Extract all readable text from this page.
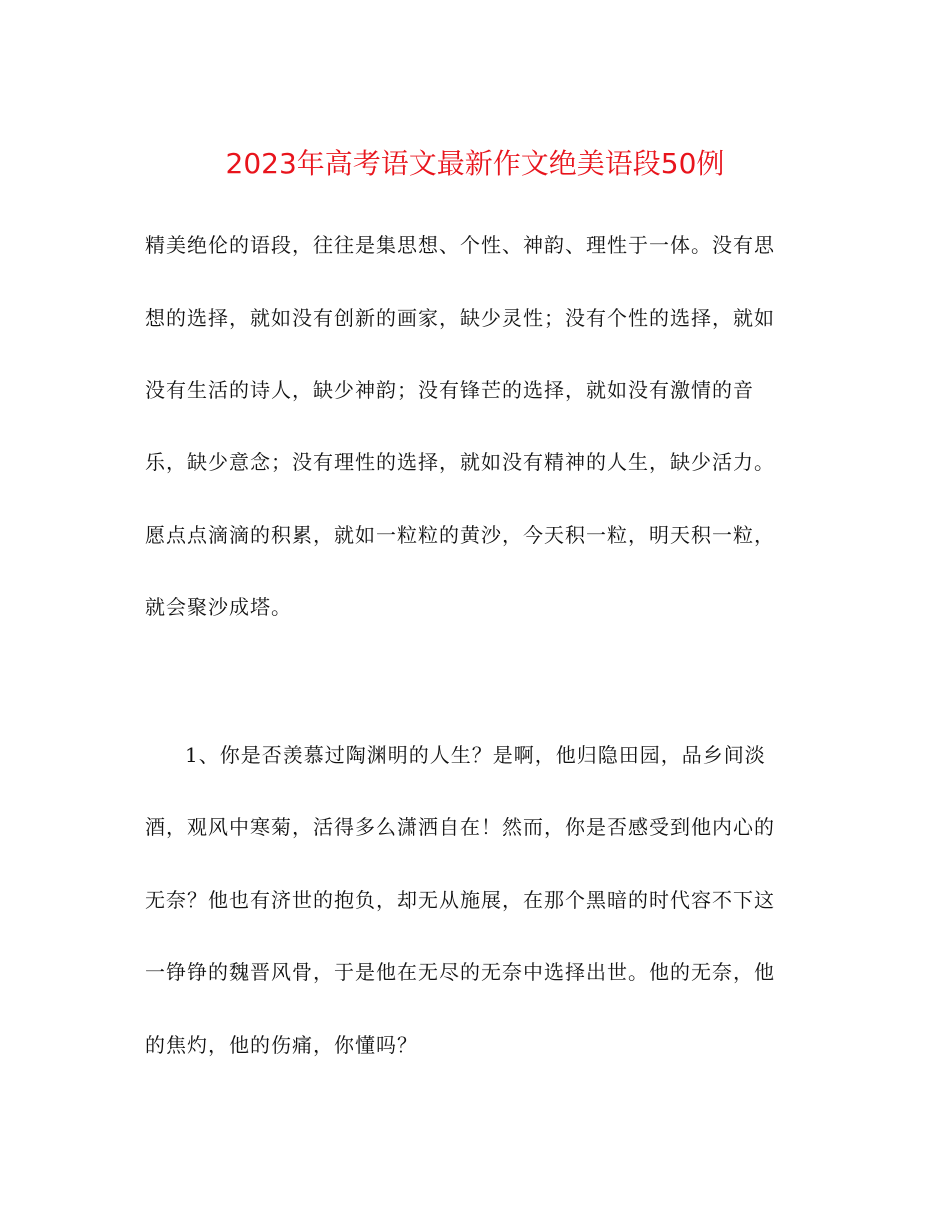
2023年高考语文最新作文绝美语段50例
精美绝伦的语段，往往是集思想、个性、神韵、理性于一体。没有思
想的选择，就如没有创新的画家，缺少灵性；没有个性的选择，就如
没有生活的诗人，缺少神韵；没有锋芒的选择，就如没有激情的音
乐，缺少意念；没有理性的选择，就如没有精神的人生，缺少活力。
愿点点滴滴的积累，就如一粒粒的黄沙，今天积一粒，明天积一粒，
就会聚沙成塔。
1、你是否羡慕过陶渊明的人生？是啊，他归隐田园，品乡间淡
酒，观风中寒菊，活得多么潇洒自在！然而，你是否感受到他内心的
无奈？他也有济世的抱负，却无从施展，在那个黑暗的时代容不下这
一铮铮的魏晋风骨，于是他在无尽的无奈中选择出世。他的无奈，他
的焦灼，他的伤痛，你懂吗？
